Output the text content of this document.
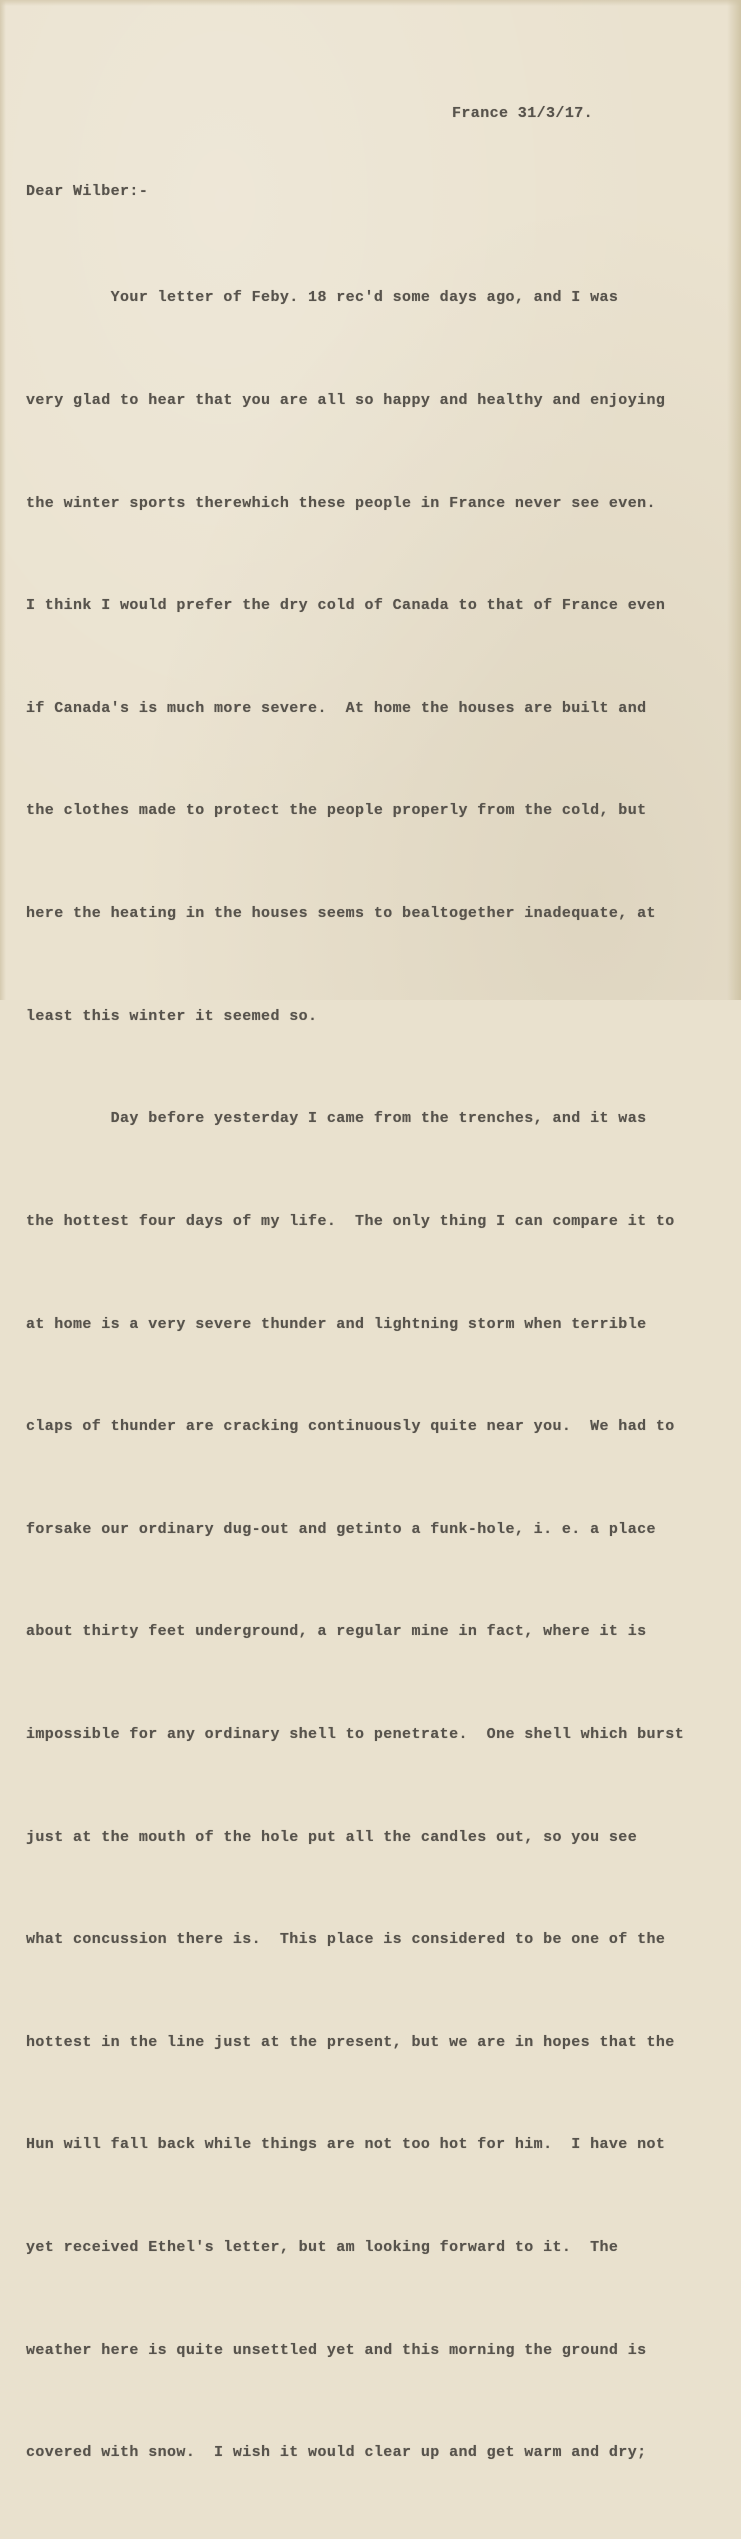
France 31/3/17.

Dear Wilber:-

Your letter of Feby. 18 rec'd some days ago, and I was

very glad to hear that you are all so happy and healthy and enjoying

the winter sports therewhich these people in France never see even.

I think I would prefer the dry cold of Canada to that of France even

if Canada's is much more severe.  At home the houses are built and

the clothes made to protect the people properly from the cold, but

here the heating in the houses seems to bealtogether inadequate, at

least this winter it seemed so.

Day before yesterday I came from the trenches, and it was

the hottest four days of my life.  The only thing I can compare it to

at home is a very severe thunder and lightning storm when terrible

claps of thunder are cracking continuously quite near you.  We had to

forsake our ordinary dug-out and getinto a funk-hole, i. e. a place

about thirty feet underground, a regular mine in fact, where it is

impossible for any ordinary shell to penetrate.  One shell which burst

just at the mouth of the hole put all the candles out, so you see

what concussion there is.  This place is considered to be one of the

hottest in the line just at the present, but we are in hopes that the

Hun will fall back while things are not too hot for him.  I have not

yet received Ethel's letter, but am looking forward to it.  The

weather here is quite unsettled yet and this morning the ground is

covered with snow.  I wish it would clear up and get warm and dry;
